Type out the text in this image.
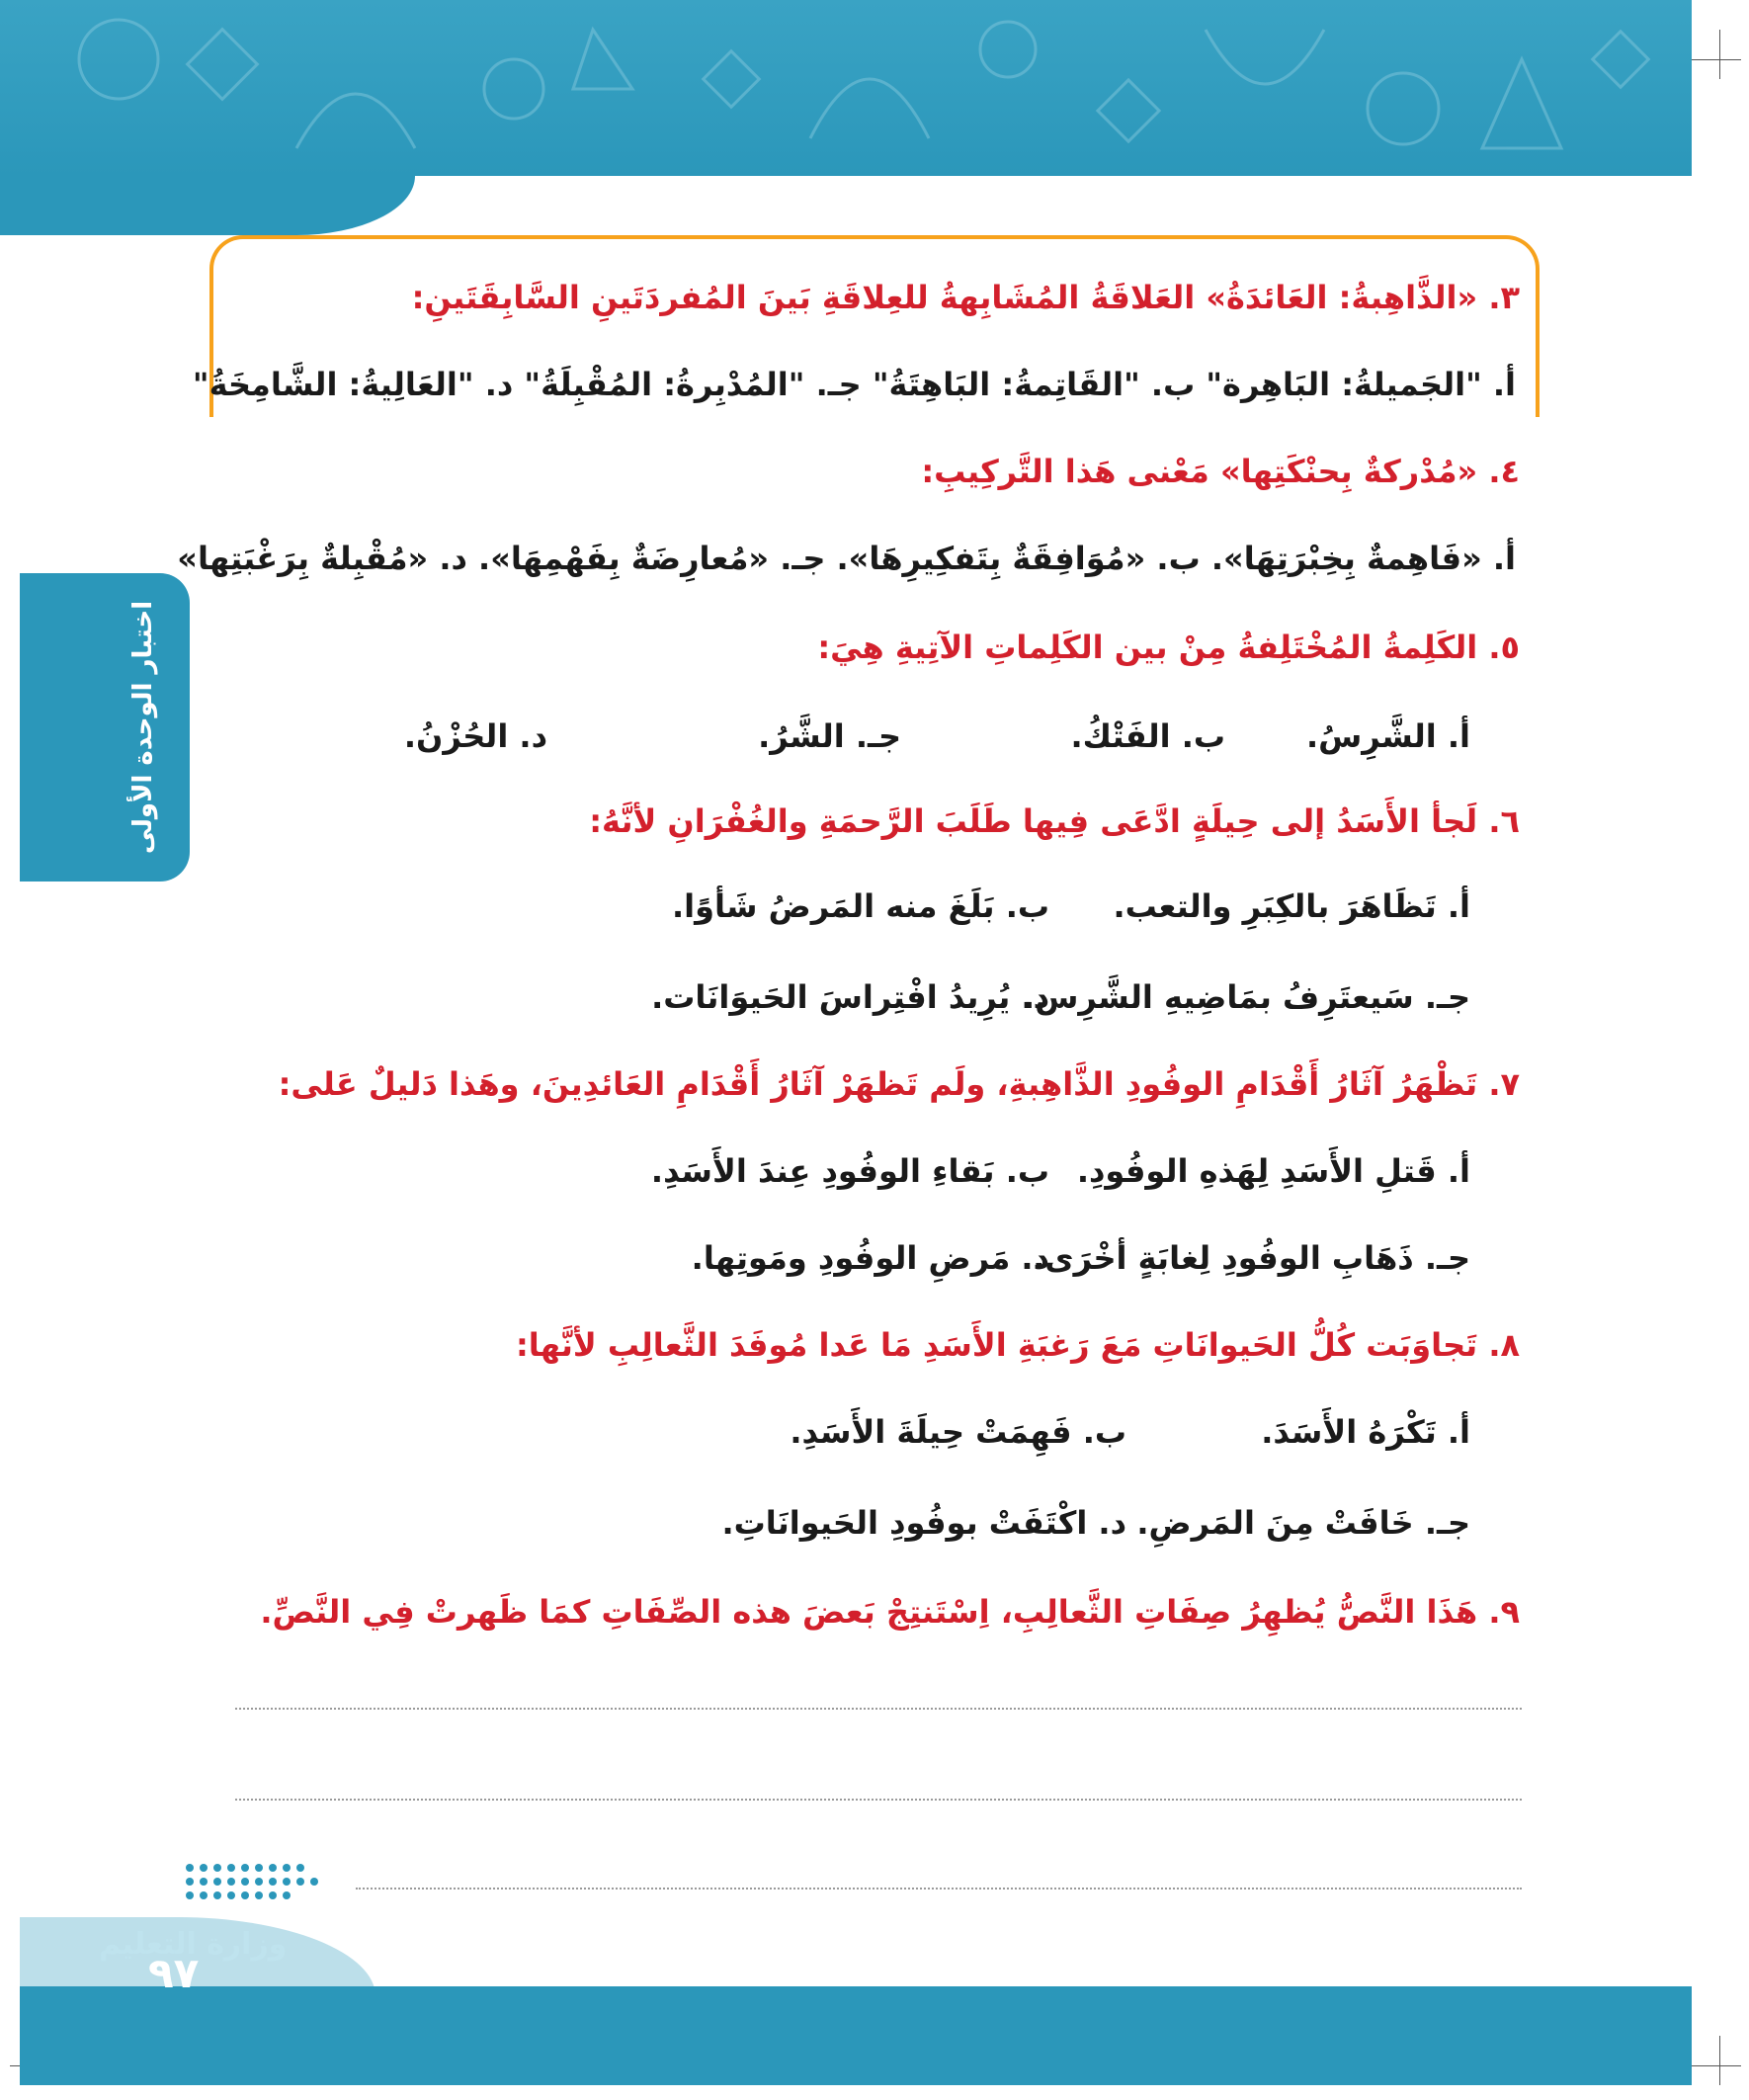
اختبار الوحدة الأولى
٣. «الذَّاهِبةُ: العَائدَةُ» العَلاقَةُ المُشَابِهةُ للعِلاقَةِ بَينَ المُفردَتَينِ السَّابِقَتَينِ:
أ. "الجَميلةُ: البَاهِرة" ب. "القَاتِمةُ: البَاهِتَةُ" جـ. "المُدْبِرةُ: المُقْبِلَةُ" د. "العَالِيةُ: الشَّامِخَةُ"
٤. «مُدْركةٌ بِحنْكَتِها» مَعْنى هَذا التَّركِيبِ:
أ. «فَاهِمةٌ بِخِبْرَتِهَا». ب. «مُوَافِقَةٌ بِتَفكِيرِهَا». جـ. «مُعارِضَةٌ بِفَهْمِهَا». د. «مُقْبِلةٌ بِرَغْبَتِها»
٥. الكَلِمةُ المُخْتَلِفةُ مِنْ بين الكَلِماتِ الآتِيةِ هِيَ:
أ. الشَّرِسُ.
ب. الفَتْكُ.
جـ. الشَّرُ.
د. الحُزْنُ.
٦. لَجأ الأَسَدُ إلى حِيلَةٍ ادَّعَى فِيها طَلَبَ الرَّحمَةِ والغُفْرَانِ لأنَّهُ:
أ. تَظَاهَرَ بالكِبَرِ والتعب.
ب. بَلَغَ منه المَرضُ شَأوًا.
جـ. سَيعتَرِفُ بمَاضِيهِ الشَّرِس.
د. يُرِيدُ افْتِراسَ الحَيوَانَات.
٧. تَظْهَرُ آثَارُ أَقْدَامِ الوفُودِ الذَّاهِبةِ، ولَم تَظهَرْ آثَارُ أَقْدَامِ العَائدِينَ، وهَذا دَليلٌ عَلى:
أ. قَتلِ الأَسَدِ لِهَذهِ الوفُودِ.
ب. بَقاءِ الوفُودِ عِندَ الأَسَدِ.
جـ. ذَهَابِ الوفُودِ لِغابَةٍ أخْرَى.
د. مَرضِ الوفُودِ ومَوتِها.
٨. تَجاوَبَت كُلُّ الحَيوانَاتِ مَعَ رَغبَةِ الأَسَدِ مَا عَدا مُوفَدَ الثَّعالِبِ لأنَّها:
أ. تَكْرَهُ الأَسَدَ.
ب. فَهِمَتْ حِيلَةَ الأَسَدِ.
جـ. خَافَتْ مِنَ المَرضِ.
د. اكْتَفَتْ بوفُودِ الحَيوانَاتِ.
٩. هَذَا النَّصُّ يُظهِرُ صِفَاتِ الثَّعالِبِ، اِسْتَنتِجْ بَعضَ هذه الصِّفَاتِ كمَا ظَهرتْ فِي النَّصِّ.
وزارة التعليم
٩٧
